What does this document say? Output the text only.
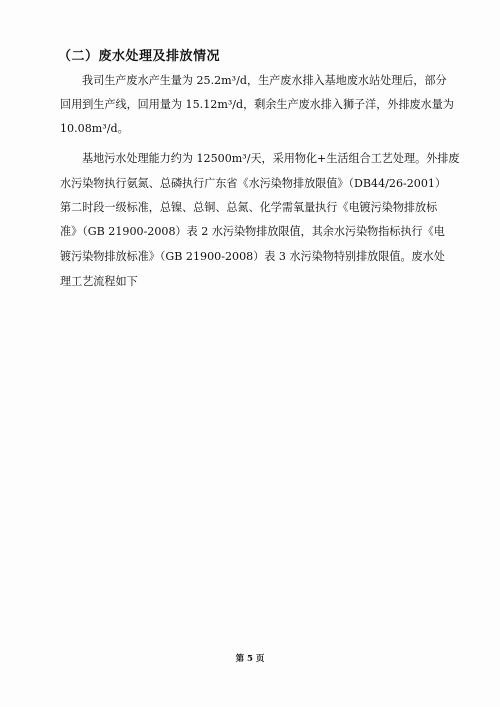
（二）废水处理及排放情况
我司生产废水产生量为 25.2m³/d，生产废水排入基地废水站处理后，部分
回用到生产线，回用量为 15.12m³/d，剩余生产废水排入狮子洋，外排废水量为
10.08m³/d。
基地污水处理能力约为 12500m³/天，采用物化+生活组合工艺处理。外排废
水污染物执行氨氮、总磷执行广东省《水污染物排放限值》（DB44/26-2001）
第二时段一级标准，总镍、总铜、总氮、化学需氧量执行《电镀污染物排放标
准》（GB 21900-2008）表 2 水污染物排放限值，其余水污染物指标执行《电
镀污染物排放标准》（GB 21900-2008）表 3 水污染物特别排放限值。废水处
理工艺流程如下
第 5 页
